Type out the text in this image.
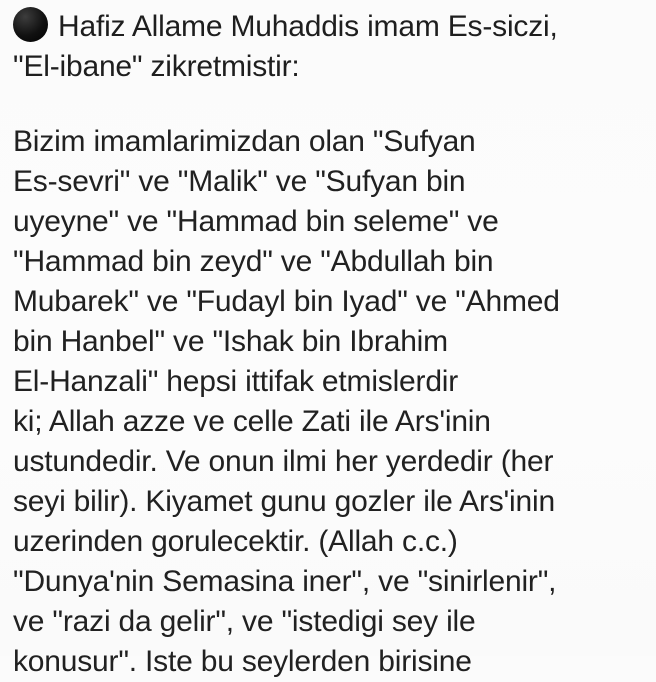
Hafiz Allame Muhaddis imam Es-siczi,
"El-ibane" zikretmistir:
Bizim imamlarimizdan olan "Sufyan
Es-sevri" ve "Malik" ve "Sufyan bin
uyeyne" ve "Hammad bin seleme" ve
"Hammad bin zeyd" ve "Abdullah bin
Mubarek" ve "Fudayl bin Iyad" ve "Ahmed
bin Hanbel" ve "Ishak bin Ibrahim
El-Hanzali" hepsi ittifak etmislerdir
ki; Allah azze ve celle Zati ile Ars'inin
ustundedir. Ve onun ilmi her yerdedir (her
seyi bilir). Kiyamet gunu gozler ile Ars'inin
uzerinden gorulecektir. (Allah c.c.)
"Dunya'nin Semasina iner", ve "sinirlenir",
ve "razi da gelir", ve "istedigi sey ile
konusur". Iste bu seylerden birisine
